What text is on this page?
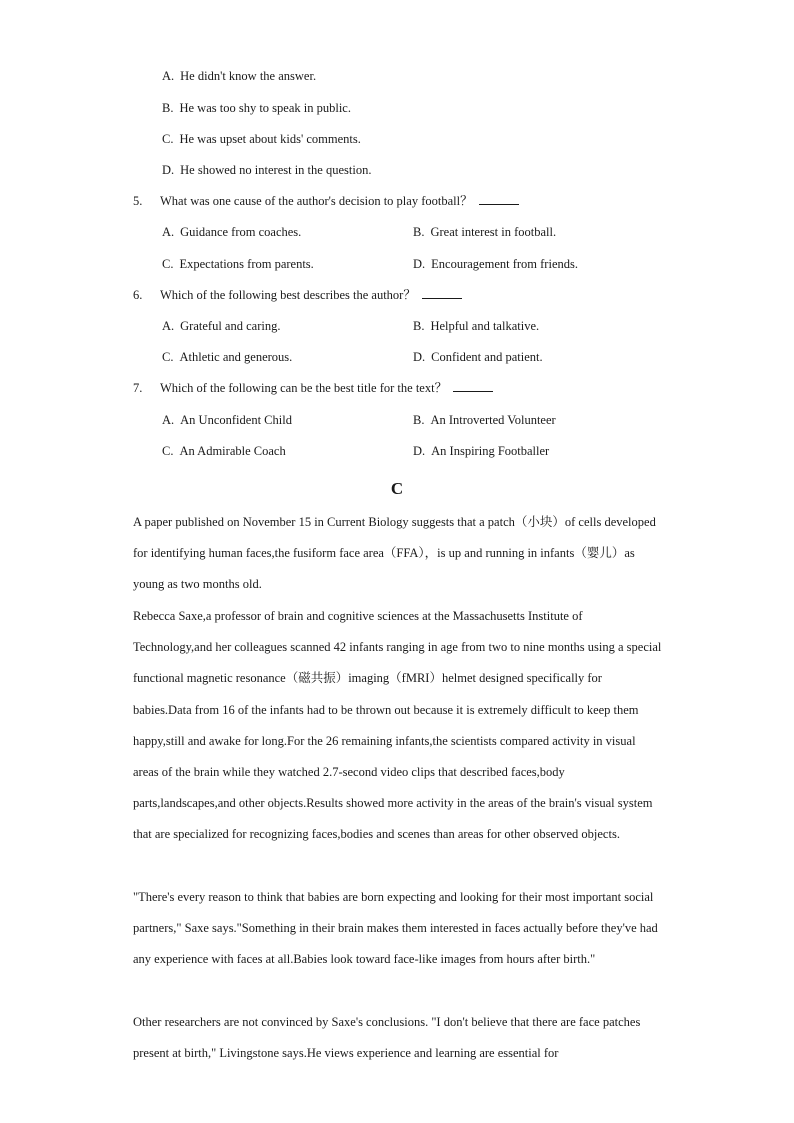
A. He didn't know the answer.
B. He was too shy to speak in public.
C. He was upset about kids' comments.
D. He showed no interest in the question.
5. What was one cause of the author's decision to play football？
A. Guidance from coaches.	B. Great interest in football.
C. Expectations from parents.	D. Encouragement from friends.
6. Which of the following best describes the author？
A. Grateful and caring.	B. Helpful and talkative.
C. Athletic and generous.	D. Confident and patient.
7. Which of the following can be the best title for the text？
A. An Unconfident Child	B. An Introverted Volunteer
C. An Admirable Coach	D. An Inspiring Footballer
C
A paper published on November 15 in Current Biology suggests that a patch（小块）of cells developed for identifying human faces,the fusiform face area（FFA），is up and running in infants（婴儿）as young as two months old.
Rebecca Saxe,a professor of brain and cognitive sciences at the Massachusetts Institute of Technology,and her colleagues scanned 42 infants ranging in age from two to nine months using a special functional magnetic resonance（磁共振）imaging（fMRI）helmet designed specifically for babies.Data from 16 of the infants had to be thrown out because it is extremely difficult to keep them happy,still and awake for long.For the 26 remaining infants,the scientists compared activity in visual areas of the brain while they watched 2.7-second video clips that described faces,body parts,landscapes,and other objects.Results showed more activity in the areas of the brain's visual system that are specialized for recognizing faces,bodies and scenes than areas for other observed objects.
"There's every reason to think that babies are born expecting and looking for their most important social partners," Saxe says."Something in their brain makes them interested in faces actually before they've had any experience with faces at all.Babies look toward face-like images from hours after birth."
Other researchers are not convinced by Saxe's conclusions. "I don't believe that there are face patches present at birth," Livingstone says.He views experience and learning are essential for
